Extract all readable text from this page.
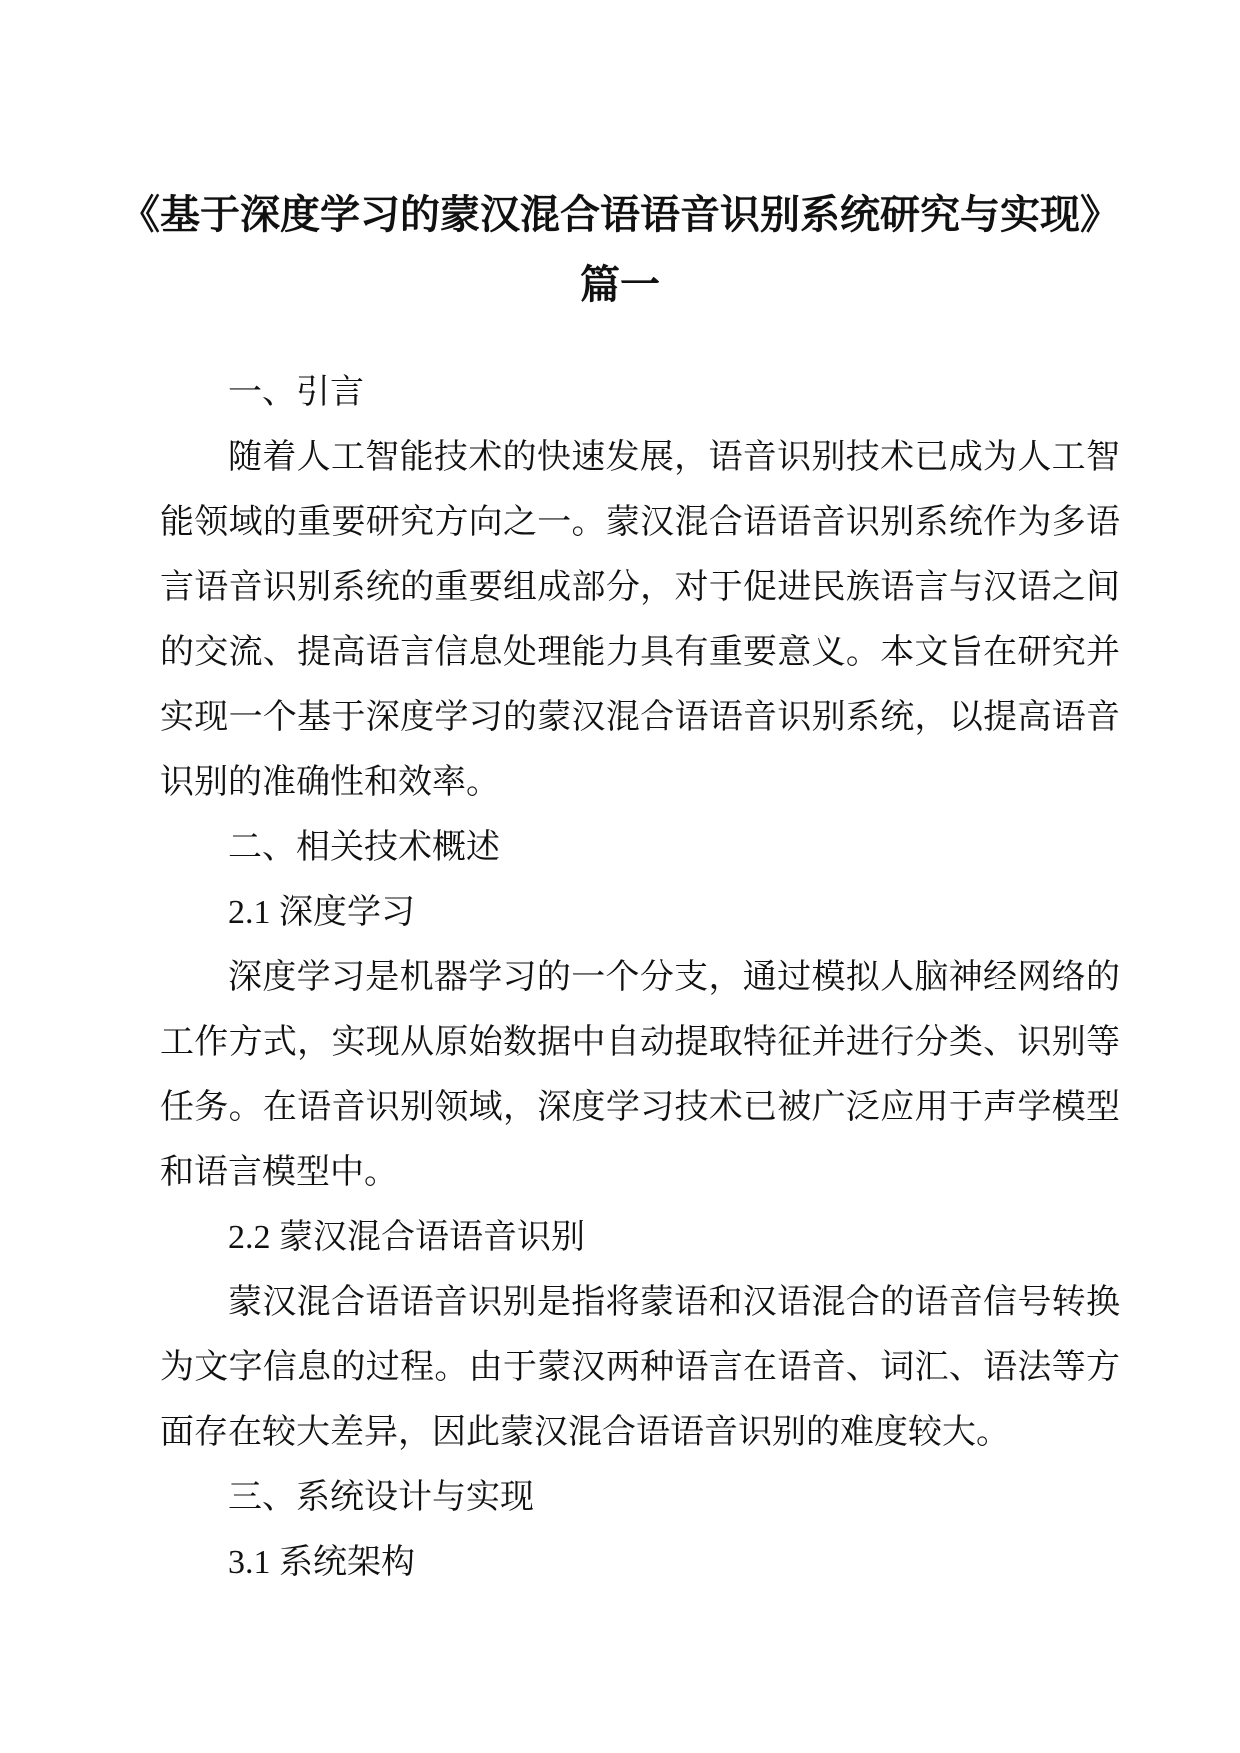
《基于深度学习的蒙汉混合语语音识别系统研究与实现》
篇一
一、引言
随着人工智能技术的快速发展，语音识别技术已成为人工智能领域的重要研究方向之一。蒙汉混合语语音识别系统作为多语言语音识别系统的重要组成部分，对于促进民族语言与汉语之间的交流、提高语言信息处理能力具有重要意义。本文旨在研究并实现一个基于深度学习的蒙汉混合语语音识别系统，以提高语音识别的准确性和效率。
二、相关技术概述
2.1 深度学习
深度学习是机器学习的一个分支，通过模拟人脑神经网络的工作方式，实现从原始数据中自动提取特征并进行分类、识别等任务。在语音识别领域，深度学习技术已被广泛应用于声学模型和语言模型中。
2.2 蒙汉混合语语音识别
蒙汉混合语语音识别是指将蒙语和汉语混合的语音信号转换为文字信息的过程。由于蒙汉两种语言在语音、词汇、语法等方面存在较大差异，因此蒙汉混合语语音识别的难度较大。
三、系统设计与实现
3.1 系统架构
